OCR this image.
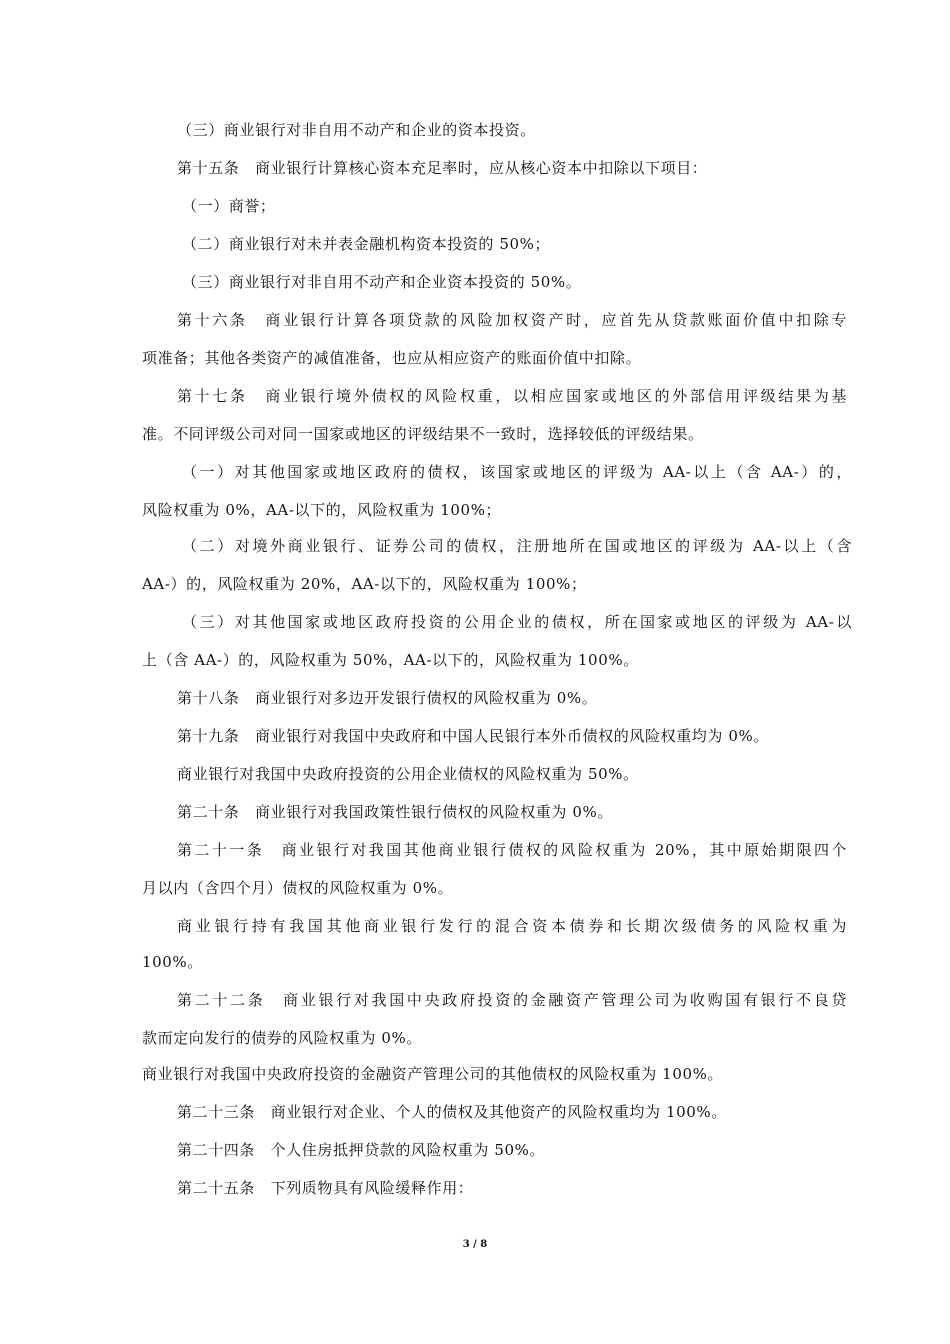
（三）商业银行对非自用不动产和企业的资本投资。
第十五条　商业银行计算核心资本充足率时，应从核心资本中扣除以下项目：
（一）商誉；
（二）商业银行对未并表金融机构资本投资的 50%；
（三）商业银行对非自用不动产和企业资本投资的 50%。
第十六条　商业银行计算各项贷款的风险加权资产时，应首先从贷款账面价值中扣除专
项准备；其他各类资产的减值准备，也应从相应资产的账面价值中扣除。
第十七条　商业银行境外债权的风险权重，以相应国家或地区的外部信用评级结果为基
准。不同评级公司对同一国家或地区的评级结果不一致时，选择较低的评级结果。
（一）对其他国家或地区政府的债权，该国家或地区的评级为 AA-以上（含 AA-）的，
风险权重为 0%，AA-以下的，风险权重为 100%；
（二）对境外商业银行、证券公司的债权，注册地所在国或地区的评级为 AA-以上（含
AA-）的，风险权重为 20%，AA-以下的，风险权重为 100%；
（三）对其他国家或地区政府投资的公用企业的债权，所在国家或地区的评级为 AA-以
上（含 AA-）的，风险权重为 50%，AA-以下的，风险权重为 100%。
第十八条　商业银行对多边开发银行债权的风险权重为 0%。
第十九条　商业银行对我国中央政府和中国人民银行本外币债权的风险权重均为 0%。
商业银行对我国中央政府投资的公用企业债权的风险权重为 50%。
第二十条　商业银行对我国政策性银行债权的风险权重为 0%。
第二十一条　商业银行对我国其他商业银行债权的风险权重为 20%，其中原始期限四个
月以内（含四个月）债权的风险权重为 0%。
商业银行持有我国其他商业银行发行的混合资本债券和长期次级债务的风险权重为
100%。
第二十二条　商业银行对我国中央政府投资的金融资产管理公司为收购国有银行不良贷
款而定向发行的债券的风险权重为 0%。
商业银行对我国中央政府投资的金融资产管理公司的其他债权的风险权重为 100%。
第二十三条　商业银行对企业、个人的债权及其他资产的风险权重均为 100%。
第二十四条　个人住房抵押贷款的风险权重为 50%。
第二十五条　下列质物具有风险缓释作用：
3 / 8
